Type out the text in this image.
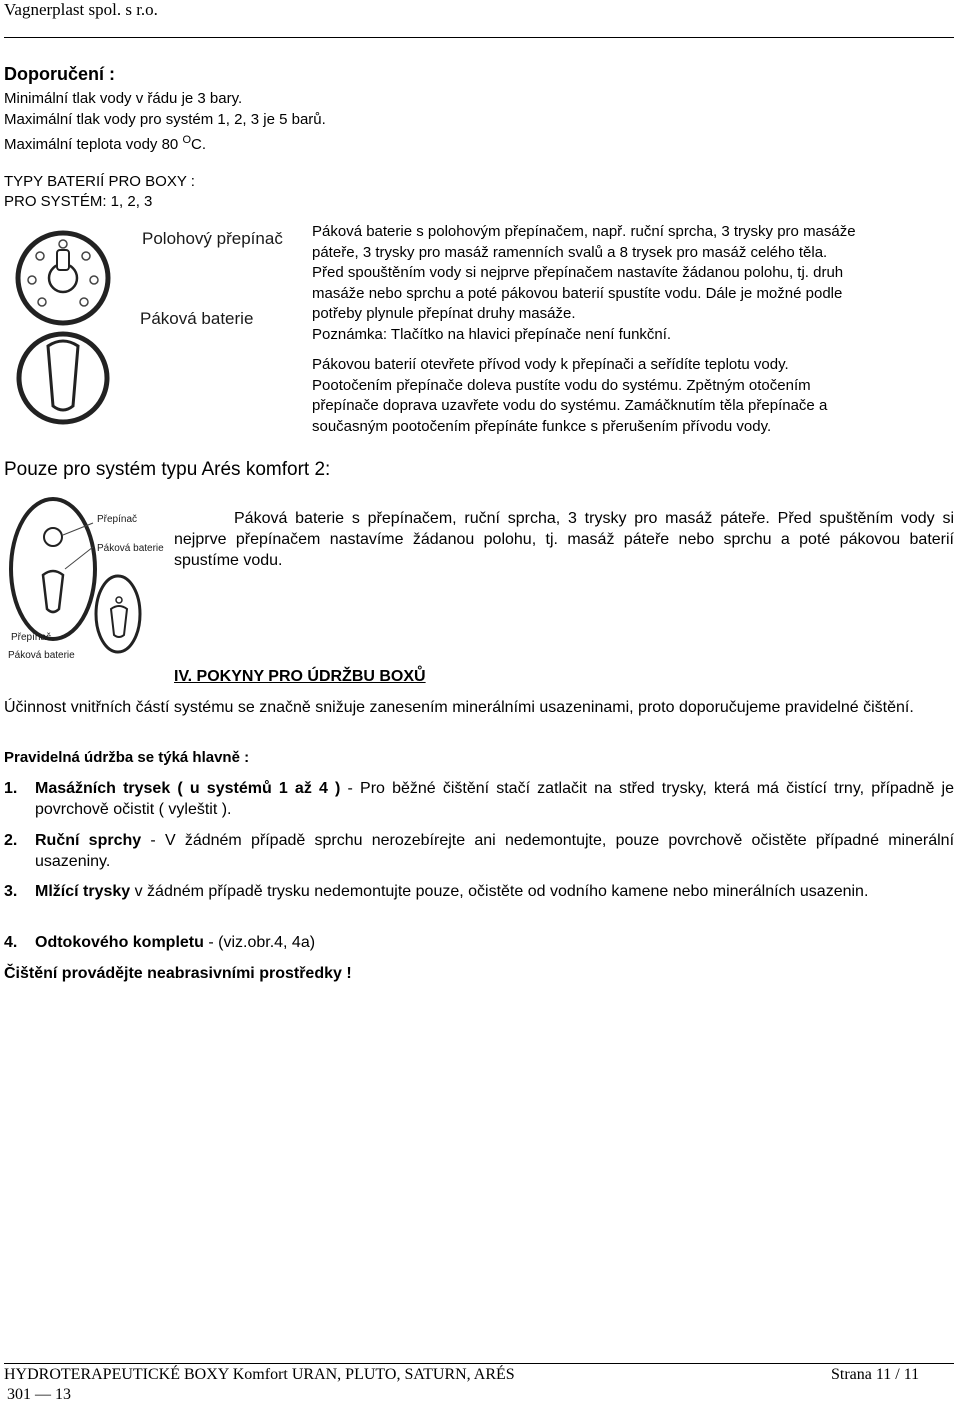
Vagnerplast spol. s r.o.
Doporučení :
Minimální tlak vody v řádu je 3 bary.
Maximální tlak vody pro systém 1, 2, 3 je 5 barů.
Maximální teplota vody 80 $^O$C.
TYPY BATERIÍ PRO BOXY :
PRO SYSTÉM: 1, 2, 3
Polohový přepínač
Páková baterie
Páková baterie s polohovým přepínačem, např. ruční sprcha, 3 trysky pro masáže
páteře, 3 trysky pro masáž ramenních svalů a 8 trysek pro masáž celého těla.
Před spouštěním vody si nejprve přepínačem nastavíte žádanou polohu, tj. druh
masáže nebo sprchu a poté pákovou baterií spustíte vodu. Dále je možné podle
potřeby plynule přepínat druhy masáže.
Poznámka: Tlačítko na hlavici přepínače není funkční.
Pákovou baterií otevřete přívod vody k přepínači a seřídíte teplotu vody.
Pootočením přepínače doleva pustíte vodu do systému. Zpětným otočením
přepínače doprava uzavřete vodu do systému. Zamáčknutím těla přepínače a
současným pootočením přepínáte funkce s přerušením přívodu vody.
Pouze pro systém typu Arés komfort 2:
Přepínač
Páková baterie
Přepínač
Páková baterie
Páková baterie s přepínačem, ruční sprcha, 3 trysky pro masáž páteře. Před spuštěním vody si nejprve přepínačem nastavíme žádanou polohu, tj. masáž páteře nebo sprchu a poté pákovou baterií spustíme vodu.
IV. POKYNY PRO ÚDRŽBU BOXŮ
Účinnost vnitřních částí systému se značně snižuje zanesením minerálními usazeninami, proto doporučujeme pravidelné čištění.
Pravidelná údržba se týká hlavně :
1. Masážních trysek ( u systémů 1 až 4 ) - Pro běžné čištění stačí zatlačit na střed trysky, která má čistící trny, případně je povrchově očistit ( vyleštit ).
2. Ruční sprchy - V žádném případě sprchu nerozebírejte ani nedemontujte, pouze povrchově očistěte případné minerální usazeniny.
3. Mlžící trysky v žádném případě trysku nedemontujte pouze, očistěte od vodního kamene nebo minerálních usazenin.
4. Odtokového kompletu - (viz.obr.4, 4a)
Čištění provádějte neabrasivními prostředky !
HYDROTERAPEUTICKÉ BOXY Komfort URAN, PLUTO, SATURN, ARÉS	Strana 11 / 11
301 — 13
